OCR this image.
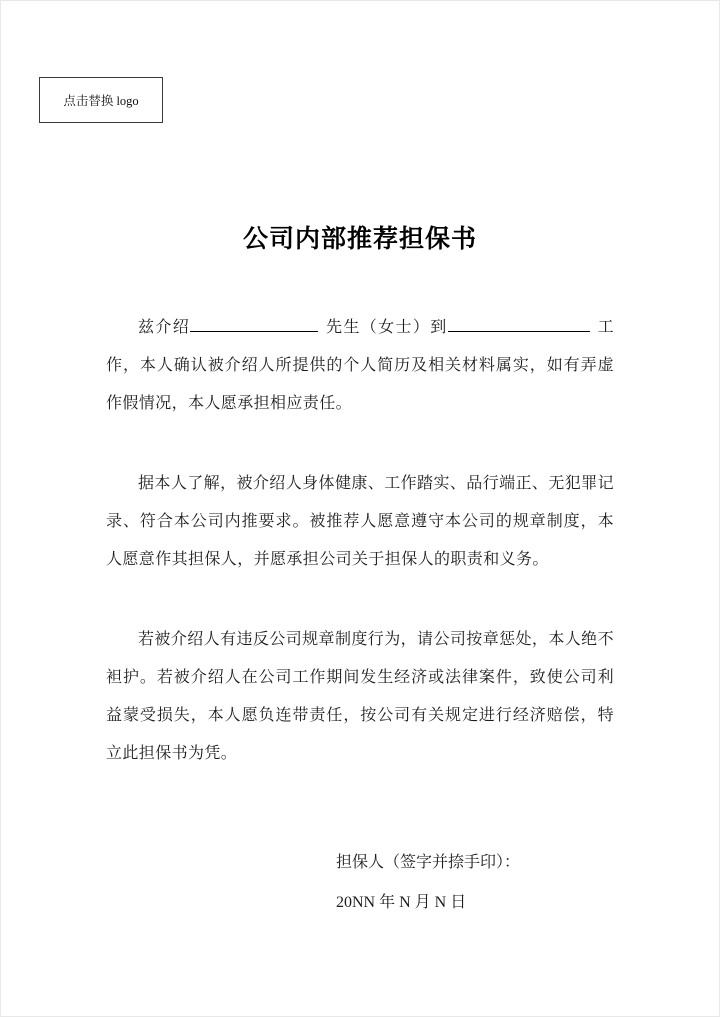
点击替换 logo
公司内部推荐担保书

兹介绍	先生（女士）到	工作，本人确认被介绍人所提供的个人简历及相关材料属实，如有弄虚作假情况，本人愿承担相应责任。

据本人了解，被介绍人身体健康、工作踏实、品行端正、无犯罪记录、符合本公司内推要求。被推荐人愿意遵守本公司的规章制度，本人愿意作其担保人，并愿承担公司关于担保人的职责和义务。

若被介绍人有违反公司规章制度行为，请公司按章惩处，本人绝不袒护。若被介绍人在公司工作期间发生经济或法律案件，致使公司利益蒙受损失，本人愿负连带责任，按公司有关规定进行经济赔偿，特立此担保书为凭。

担保人（签字并捺手印）：

20NN 年 N 月 N 日
